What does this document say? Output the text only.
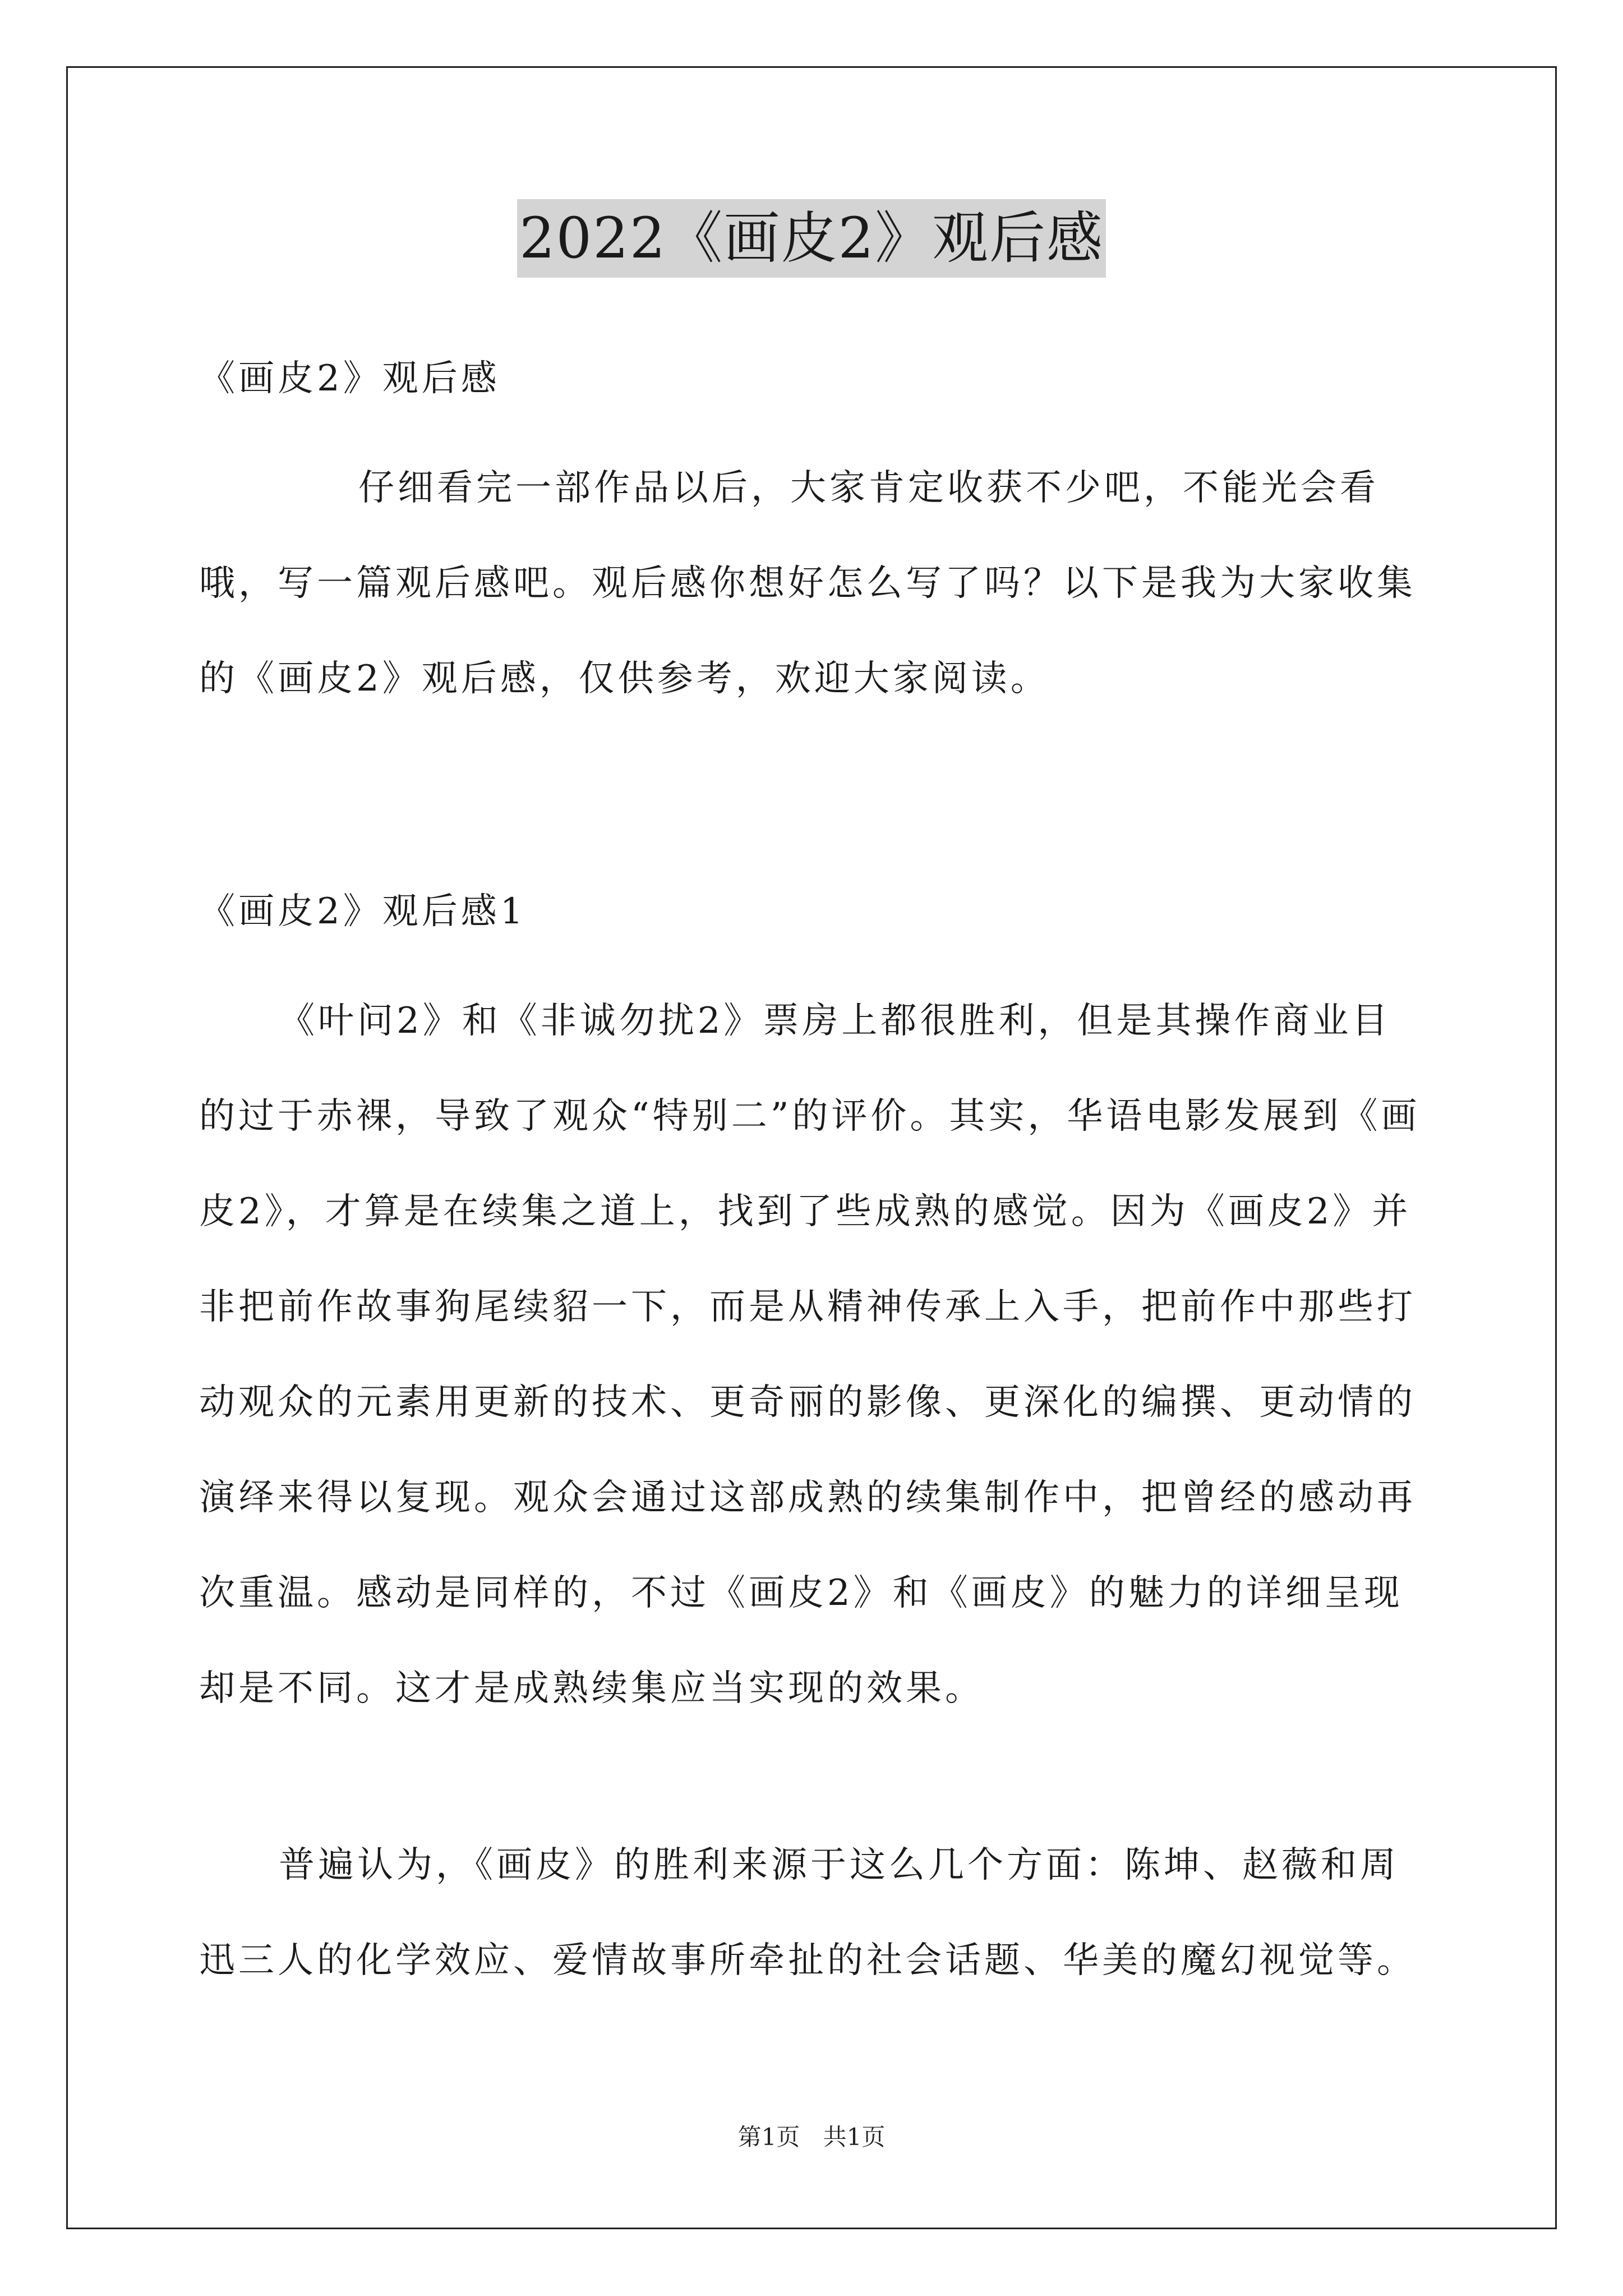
2022《画皮2》观后感

《画皮2》观后感

仔细看完一部作品以后，大家肯定收获不少吧，不能光会看哦，写一篇观后感吧。观后感你想好怎么写了吗？以下是我为大家收集的《画皮2》观后感，仅供参考，欢迎大家阅读。

《画皮2》观后感1

《叶问2》和《非诚勿扰2》票房上都很胜利，但是其操作商业目的过于赤裸，导致了观众“特别二”的评价。其实，华语电影发展到《画皮2》，才算是在续集之道上，找到了些成熟的感觉。因为《画皮2》并非把前作故事狗尾续貂一下，而是从精神传承上入手，把前作中那些打动观众的元素用更新的技术、更奇丽的影像、更深化的编撰、更动情的演绎来得以复现。观众会通过这部成熟的续集制作中，把曾经的感动再次重温。感动是同样的，不过《画皮2》和《画皮》的魅力的详细呈现却是不同。这才是成熟续集应当实现的效果。

普遍认为，《画皮》的胜利来源于这么几个方面：陈坤、赵薇和周迅三人的化学效应、爱情故事所牵扯的社会话题、华美的魔幻视觉等。

第1页 共1页
